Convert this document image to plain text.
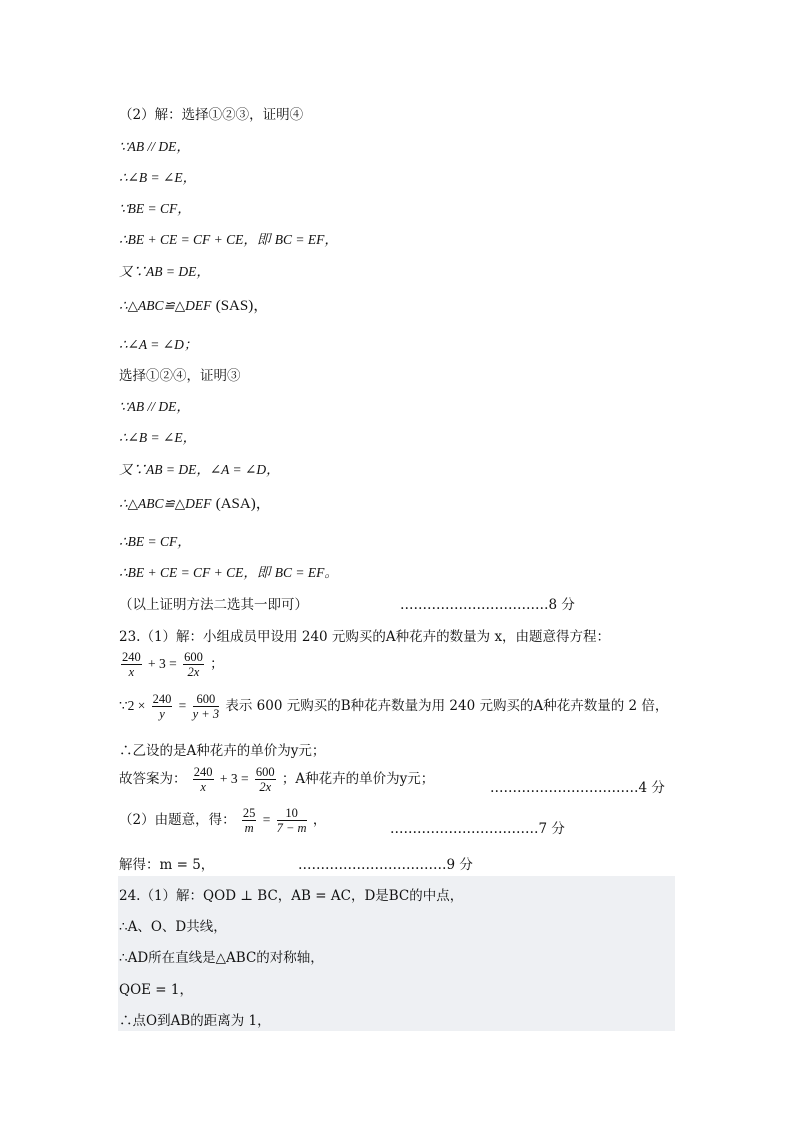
（2）解：选择①②③，证明④
∵AB // DE，
∴∠B = ∠E，
∵BE = CF，
∴BE + CE = CF + CE，即 BC = EF，
又∵AB = DE，
∴△ABC≌△DEF (SAS)，
∴∠A = ∠D；
选择①②④，证明③
∵AB // DE，
∴∠B = ∠E，
又∵AB = DE，∠A = ∠D，
∴△ABC≌△DEF (ASA)，
∴BE = CF，
∴BE + CE = CF + CE，即 BC = EF。
（以上证明方法二选其一即可）	……………………………8 分
23.（1）解：小组成员甲设用 240 元购买的A种花卉的数量为 x，由题意得方程：
$\frac{240}{x} + 3 = \frac{600}{2x}$ ；
∵2 × $\frac{240}{y} = \frac{600}{y + 3}$ 表示 600 元购买的B种花卉数量为用 240 元购买的A种花卉数量的 2 倍，
∴乙设的是A种花卉的单价为y元；
故答案为： $\frac{240}{x} + 3 = \frac{600}{2x}$ ；A种花卉的单价为y元；
……………………………4 分
（2）由题意，得： $\frac{25}{m} = \frac{10}{7 - m}$ ，
……………………………7 分
解得：m = 5，	……………………………9 分
24.（1）解：QOD ⊥ BC，AB = AC，D是BC的中点，
∴A、O、D共线，
∴AD所在直线是△ABC的对称轴，
QOE = 1，
∴点O到AB的距离为 1，
